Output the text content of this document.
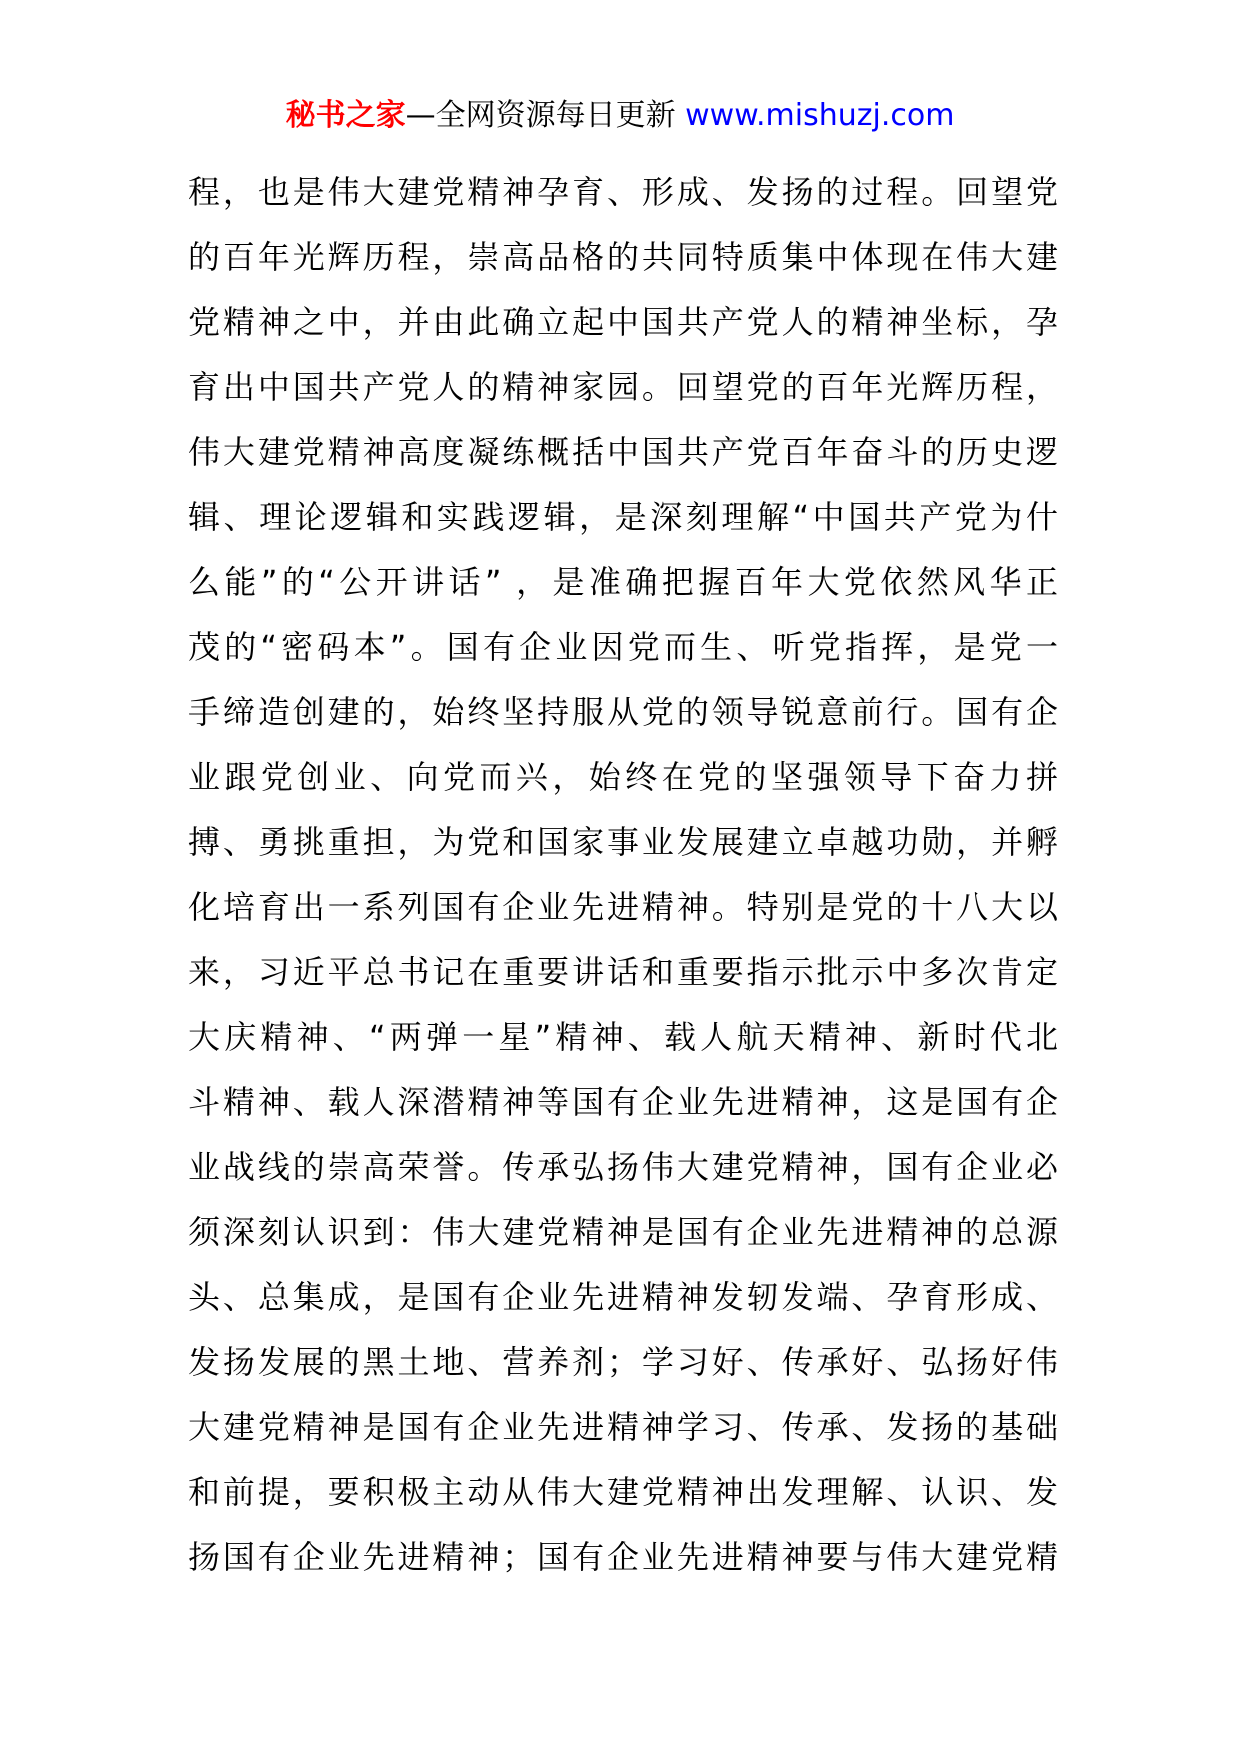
秘书之家—全网资源每日更新 www.mishuzj.com
程，也是伟大建党精神孕育、形成、发扬的过程。回望党
的百年光辉历程，崇高品格的共同特质集中体现在伟大建
党精神之中，并由此确立起中国共产党人的精神坐标，孕
育出中国共产党人的精神家园。回望党的百年光辉历程，
伟大建党精神高度凝练概括中国共产党百年奋斗的历史逻
辑、理论逻辑和实践逻辑，是深刻理解“中国共产党为什
么能”的“公开讲话” ，是准确把握百年大党依然风华正
茂的“密码本”。国有企业因党而生、听党指挥，是党一
手缔造创建的，始终坚持服从党的领导锐意前行。国有企
业跟党创业、向党而兴，始终在党的坚强领导下奋力拼
搏、勇挑重担，为党和国家事业发展建立卓越功勋，并孵
化培育出一系列国有企业先进精神。特别是党的十八大以
来，习近平总书记在重要讲话和重要指示批示中多次肯定
大庆精神、“两弹一星”精神、载人航天精神、新时代北
斗精神、载人深潜精神等国有企业先进精神，这是国有企
业战线的崇高荣誉。传承弘扬伟大建党精神，国有企业必
须深刻认识到：伟大建党精神是国有企业先进精神的总源
头、总集成，是国有企业先进精神发轫发端、孕育形成、
发扬发展的黑土地、营养剂；学习好、传承好、弘扬好伟
大建党精神是国有企业先进精神学习、传承、发扬的基础
和前提，要积极主动从伟大建党精神出发理解、认识、发
扬国有企业先进精神；国有企业先进精神要与伟大建党精
